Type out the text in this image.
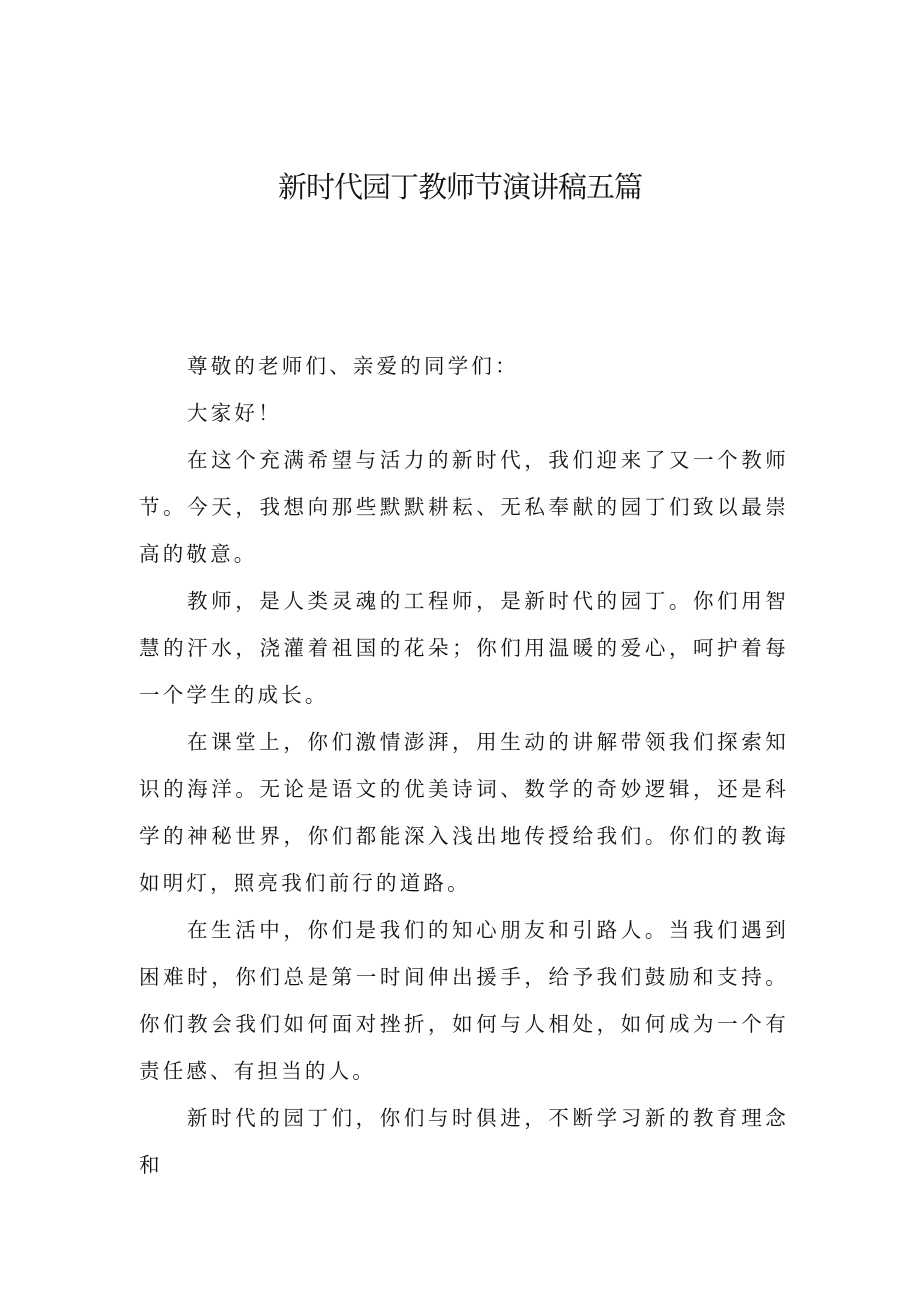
新时代园丁教师节演讲稿五篇

尊敬的老师们、亲爱的同学们：

大家好！

在这个充满希望与活力的新时代，我们迎来了又一个教师节。今天，我想向那些默默耕耘、无私奉献的园丁们致以最崇高的敬意。

教师，是人类灵魂的工程师，是新时代的园丁。你们用智慧的汗水，浇灌着祖国的花朵；你们用温暖的爱心，呵护着每一个学生的成长。

在课堂上，你们激情澎湃，用生动的讲解带领我们探索知识的海洋。无论是语文的优美诗词、数学的奇妙逻辑，还是科学的神秘世界，你们都能深入浅出地传授给我们。你们的教诲如明灯，照亮我们前行的道路。

在生活中，你们是我们的知心朋友和引路人。当我们遇到困难时，你们总是第一时间伸出援手，给予我们鼓励和支持。你们教会我们如何面对挫折，如何与人相处，如何成为一个有责任感、有担当的人。

新时代的园丁们，你们与时俱进，不断学习新的教育理念和
